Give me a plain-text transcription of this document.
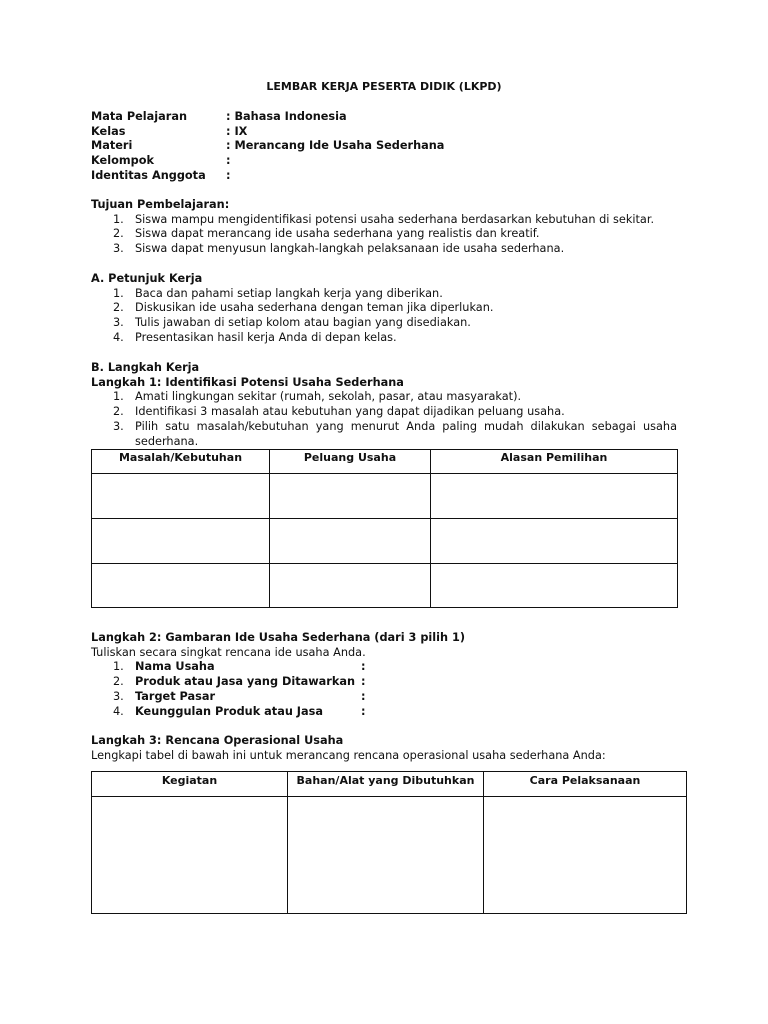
LEMBAR KERJA PESERTA DIDIK (LKPD)
Mata Pelajaran	: Bahasa Indonesia
Kelas	: IX
Materi	: Merancang Ide Usaha Sederhana
Kelompok	:
Identitas Anggota	:
Tujuan Pembelajaran:
1. Siswa mampu mengidentifikasi potensi usaha sederhana berdasarkan kebutuhan di sekitar.
2. Siswa dapat merancang ide usaha sederhana yang realistis dan kreatif.
3. Siswa dapat menyusun langkah-langkah pelaksanaan ide usaha sederhana.
A. Petunjuk Kerja
1. Baca dan pahami setiap langkah kerja yang diberikan.
2. Diskusikan ide usaha sederhana dengan teman jika diperlukan.
3. Tulis jawaban di setiap kolom atau bagian yang disediakan.
4. Presentasikan hasil kerja Anda di depan kelas.
B. Langkah Kerja
Langkah 1: Identifikasi Potensi Usaha Sederhana
1. Amati lingkungan sekitar (rumah, sekolah, pasar, atau masyarakat).
2. Identifikasi 3 masalah atau kebutuhan yang dapat dijadikan peluang usaha.
3. Pilih satu masalah/kebutuhan yang menurut Anda paling mudah dilakukan sebagai usaha sederhana.
Masalah/Kebutuhan	Peluang Usaha	Alasan Pemilihan

Langkah 2: Gambaran Ide Usaha Sederhana (dari 3 pilih 1)
Tuliskan secara singkat rencana ide usaha Anda.
1. Nama Usaha	:
2. Produk atau Jasa yang Ditawarkan :
3. Target Pasar	:
4. Keunggulan Produk atau Jasa	:
Langkah 3: Rencana Operasional Usaha
Lengkapi tabel di bawah ini untuk merancang rencana operasional usaha sederhana Anda:
Kegiatan	Bahan/Alat yang Dibutuhkan	Cara Pelaksanaan
